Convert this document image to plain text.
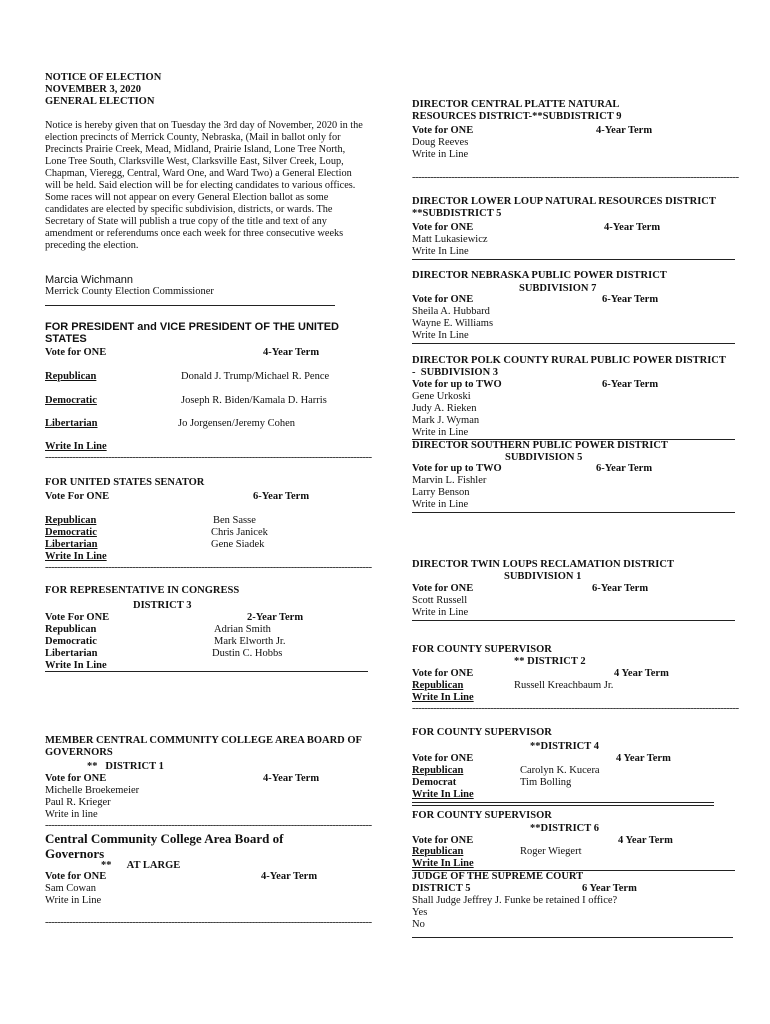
NOTICE OF ELECTION
NOVEMBER 3, 2020
GENERAL ELECTION
Notice is hereby given that on Tuesday the 3rd day of November, 2020 in the election precincts of Merrick County, Nebraska, (Mail in ballot only for Precincts Prairie Creek, Mead, Midland, Prairie Island, Lone Tree North, Lone Tree South, Clarksville West, Clarksville East, Silver Creek, Loup, Chapman, Vieregg, Central, Ward One, and Ward Two) a General Election will be held. Said election will be for electing candidates to various offices. Some races will not appear on every General Election ballot as some candidates are elected by specific subdivision, districts, or wards. The Secretary of State will publish a true copy of the title and text of any amendment or referendums once each week for three consecutive weeks preceding the election.
Marcia Wichmann
Merrick County Election Commissioner
FOR PRESIDENT and VICE PRESIDENT OF THE UNITED STATES
Vote for ONE	4-Year Term
Republican	Donald J. Trump/Michael R. Pence
Democratic	Joseph R. Biden/Kamala D. Harris
Libertarian	Jo Jorgensen/Jeremy Cohen
Write In Line
-------------------------------------------------------------------------------------------------------------
FOR UNITED STATES SENATOR
Vote For ONE	6-Year Term
Republican	Ben Sasse
Democratic	Chris Janicek
Libertarian	Gene Siadek
Write In Line
-------------------------------------------------------------------------------------------------------------
FOR REPRESENTATIVE IN CONGRESS
DISTRICT 3
Vote For ONE	2-Year Term
Republican	Adrian Smith
Democratic	Mark Elworth Jr.
Libertarian	Dustin C. Hobbs
Write In Line
MEMBER CENTRAL COMMUNITY COLLEGE AREA BOARD OF GOVERNORS
**   DISTRICT 1
Vote for ONE	4-Year Term
Michelle Broekemeier
Paul R. Krieger
Write in line
-------------------------------------------------------------------------------------------------------------
Central Community College Area Board of Governors
**      AT LARGE
Vote for ONE	4-Year Term
Sam Cowan
Write in Line
-------------------------------------------------------------------------------------------------------------
DIRECTOR CENTRAL PLATTE NATURAL RESOURCES DISTRICT-**SUBDISTRICT 9
Vote for ONE	4-Year Term
Doug Reeves
Write in Line
-------------------------------------------------------------------------------------------------------------
DIRECTOR LOWER LOUP NATURAL RESOURCES DISTRICT **SUBDISTRICT 5
Vote for ONE	4-Year Term
Matt Lukasiewicz
Write In Line
DIRECTOR NEBRASKA PUBLIC POWER DISTRICT
SUBDIVISION 7
Vote for ONE	6-Year Term
Sheila A. Hubbard
Wayne E. Williams
Write In Line
DIRECTOR POLK COUNTY RURAL PUBLIC POWER DISTRICT  -  SUBDIVISION 3
Vote for up to TWO	6-Year Term
Gene Urkoski
Judy A. Rieken
Mark J. Wyman
Write in Line
DIRECTOR SOUTHERN PUBLIC POWER DISTRICT
SUBDIVISION 5
Vote for up to TWO	6-Year Term
Marvin L. Fishler
Larry Benson
Write in Line
DIRECTOR TWIN LOUPS RECLAMATION DISTRICT
SUBDIVISION 1
Vote for ONE	6-Year Term
Scott Russell
Write in Line
FOR COUNTY SUPERVISOR
** DISTRICT 2
Vote for ONE	4 Year Term
Republican	Russell Kreachbaum Jr.
Write In Line
-------------------------------------------------------------------------------------------------------------
FOR COUNTY SUPERVISOR
**DISTRICT 4
Vote for ONE	4 Year Term
Republican	Carolyn K. Kucera
Democrat	Tim Bolling
Write In Line
FOR COUNTY SUPERVISOR
**DISTRICT 6
Vote for ONE	4 Year Term
Republican	Roger Wiegert
Write In Line
JUDGE OF THE SUPREME COURT
DISTRICT 5	6 Year Term
Shall Judge Jeffrey J. Funke be retained I office?
Yes
No
